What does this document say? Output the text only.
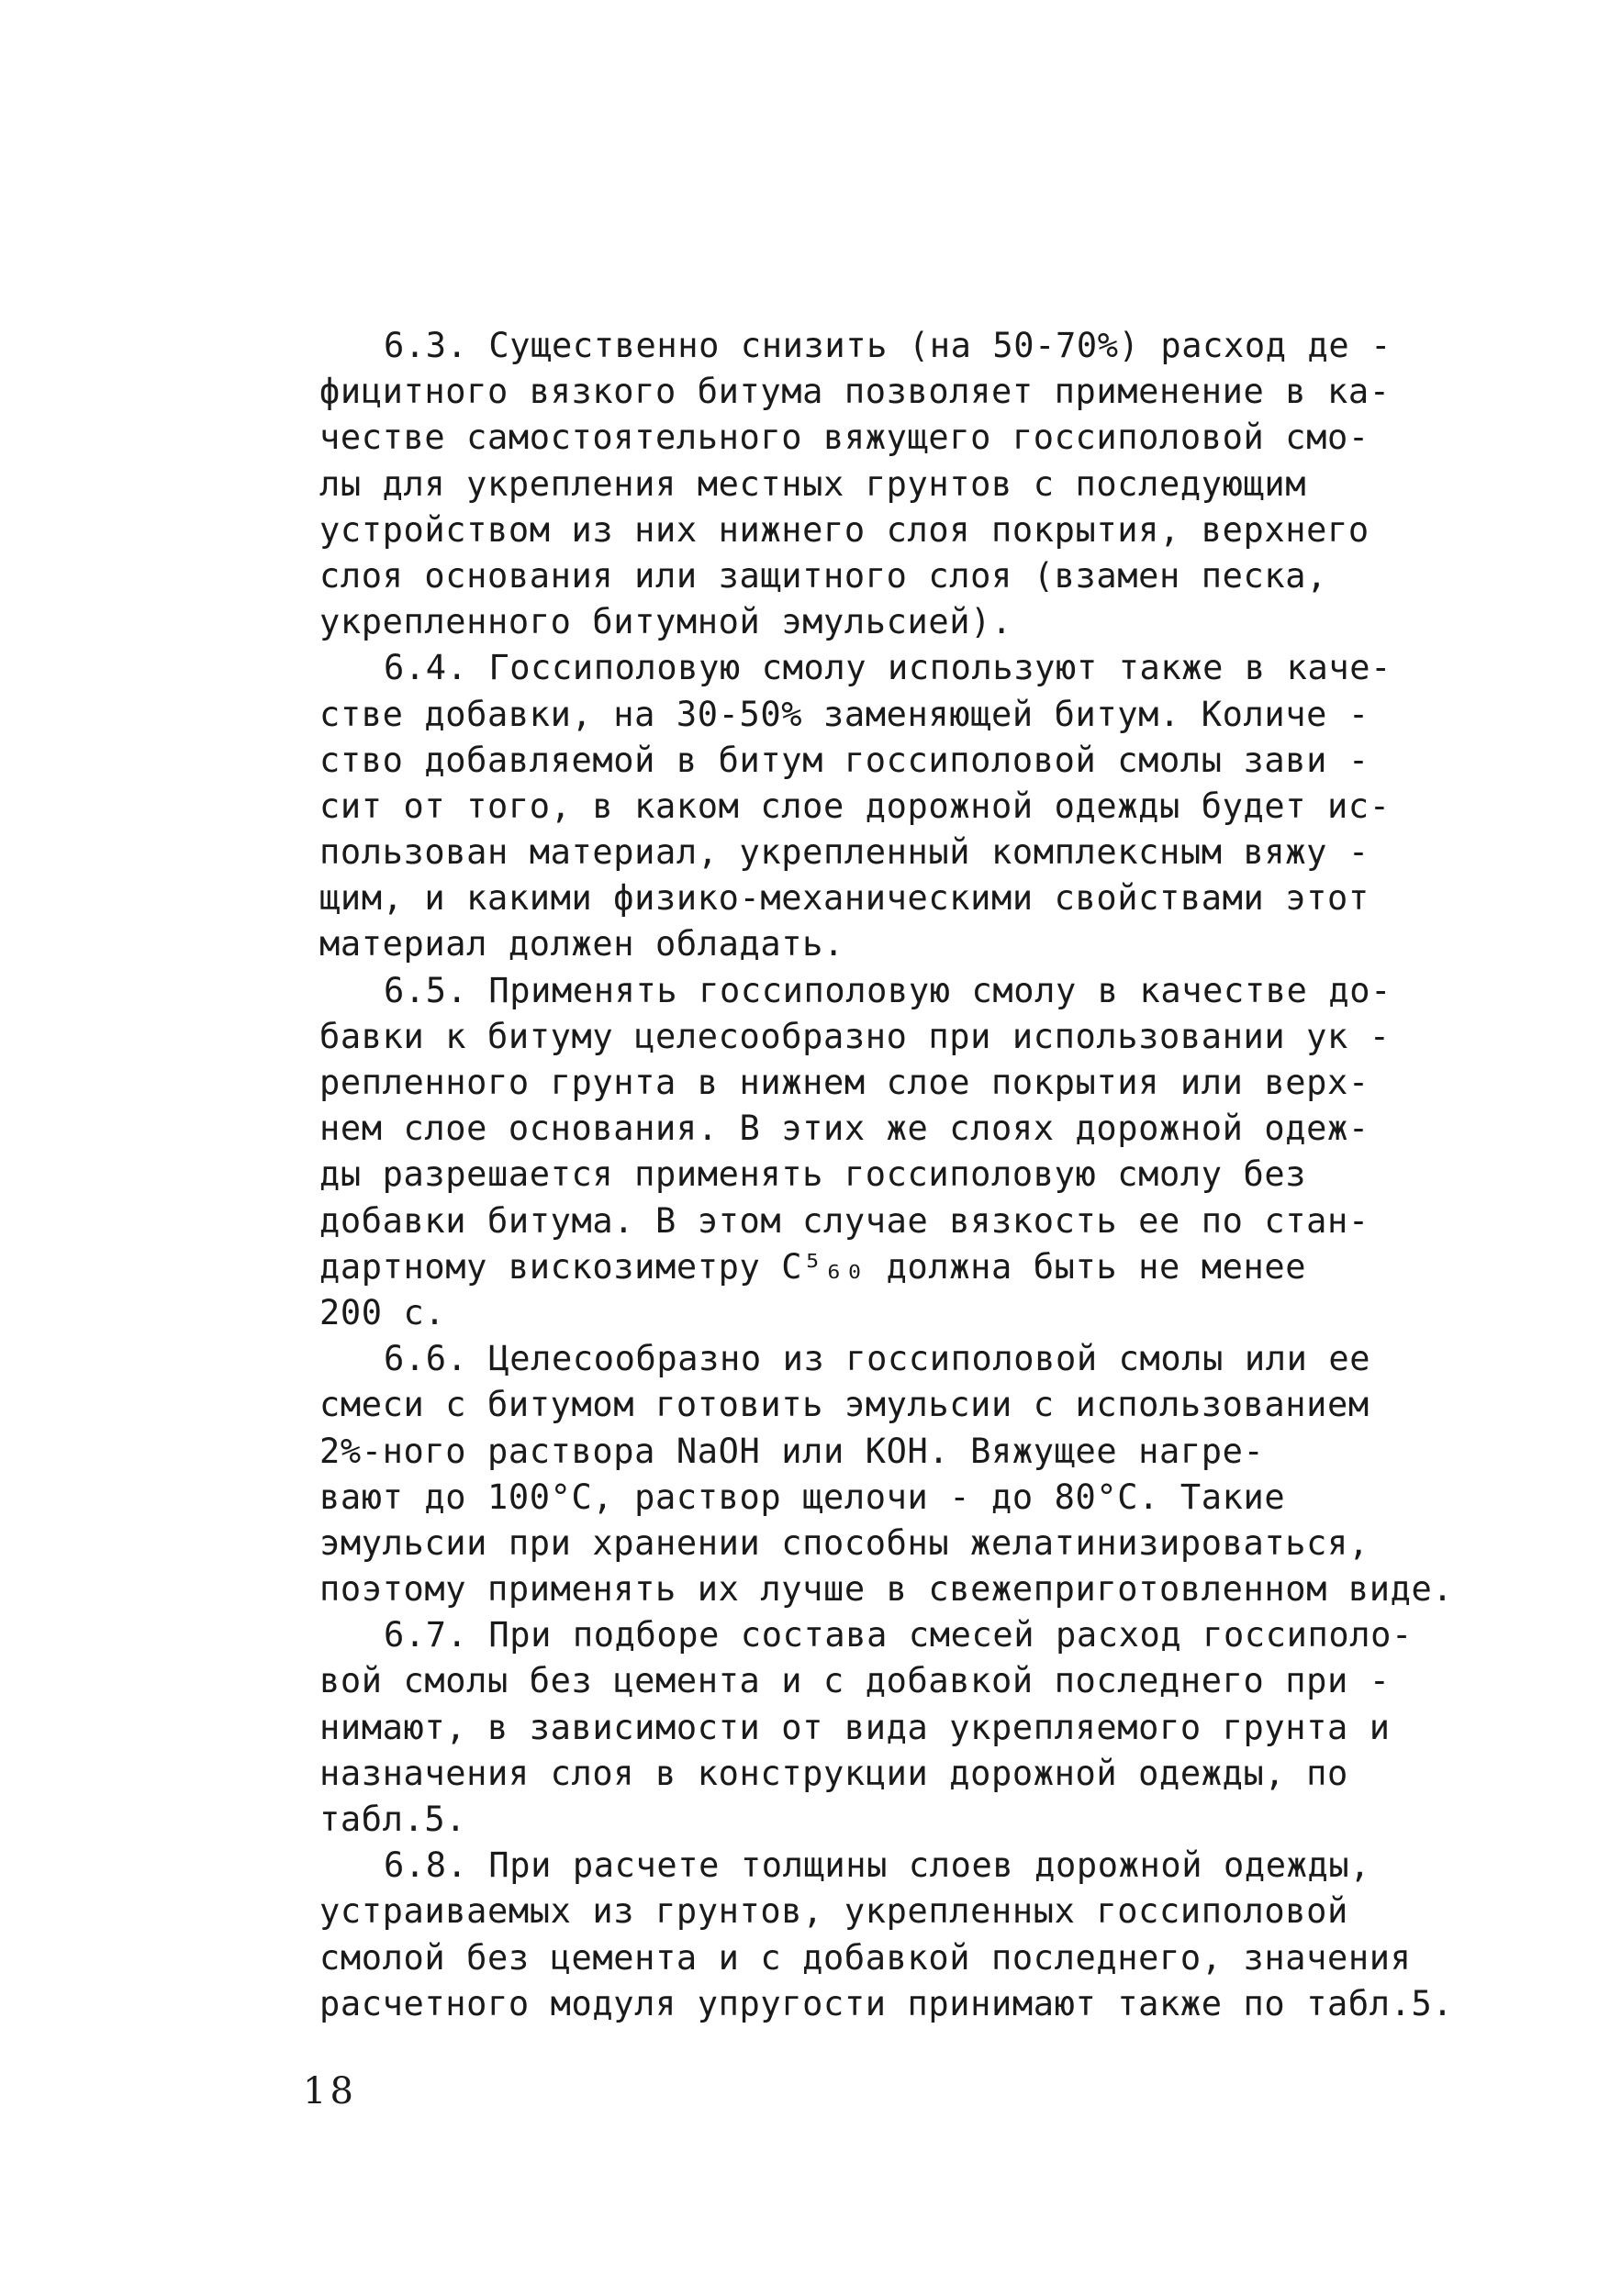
6.3. Существенно снизить (на 50-70%) расход де -
фицитного вязкого битума позволяет применение в ка-
честве самостоятельного вяжущего госсиполовой смо-
лы для укрепления местных грунтов с последующим
устройством из них нижнего слоя покрытия, верхнего
слоя основания или защитного слоя (взамен песка,
укрепленного битумной эмульсией).
6.4. Госсиполовую смолу используют также в каче-
стве добавки, на 30-50% заменяющей битум. Количе -
ство добавляемой в битум госсиполовой смолы зави -
сит от того, в каком слое дорожной одежды будет ис-
пользован материал, укрепленный комплексным вяжу -
щим, и какими физико-механическими свойствами этот
материал должен обладать.
6.5. Применять госсиполовую смолу в качестве до-
бавки к битуму целесообразно при использовании ук -
репленного грунта в нижнем слое покрытия или верх-
нем слое основания. В этих же слоях дорожной одеж-
ды разрешается применять госсиполовую смолу без
добавки битума. В этом случае вязкость ее по стан-
дартному вискозиметру C⁵₆₀ должна быть не менее
200 с.
6.6. Целесообразно из госсиполовой смолы или ее
смеси с битумом готовить эмульсии с использованием
2%-ного раствора NaOH или KOH. Вяжущее нагре-
вают до 100°С, раствор щелочи - до 80°С. Такие
эмульсии при хранении способны желатинизироваться,
поэтому применять их лучше в свежеприготовленном виде.
6.7. При подборе состава смесей расход госсиполо-
вой смолы без цемента и с добавкой последнего при -
нимают, в зависимости от вида укрепляемого грунта и
назначения слоя в конструкции дорожной одежды, по
табл.5.
6.8. При расчете толщины слоев дорожной одежды,
устраиваемых из грунтов, укрепленных госсиполовой
смолой без цемента и с добавкой последнего, значения
расчетного модуля упругости принимают также по табл.5.
18
